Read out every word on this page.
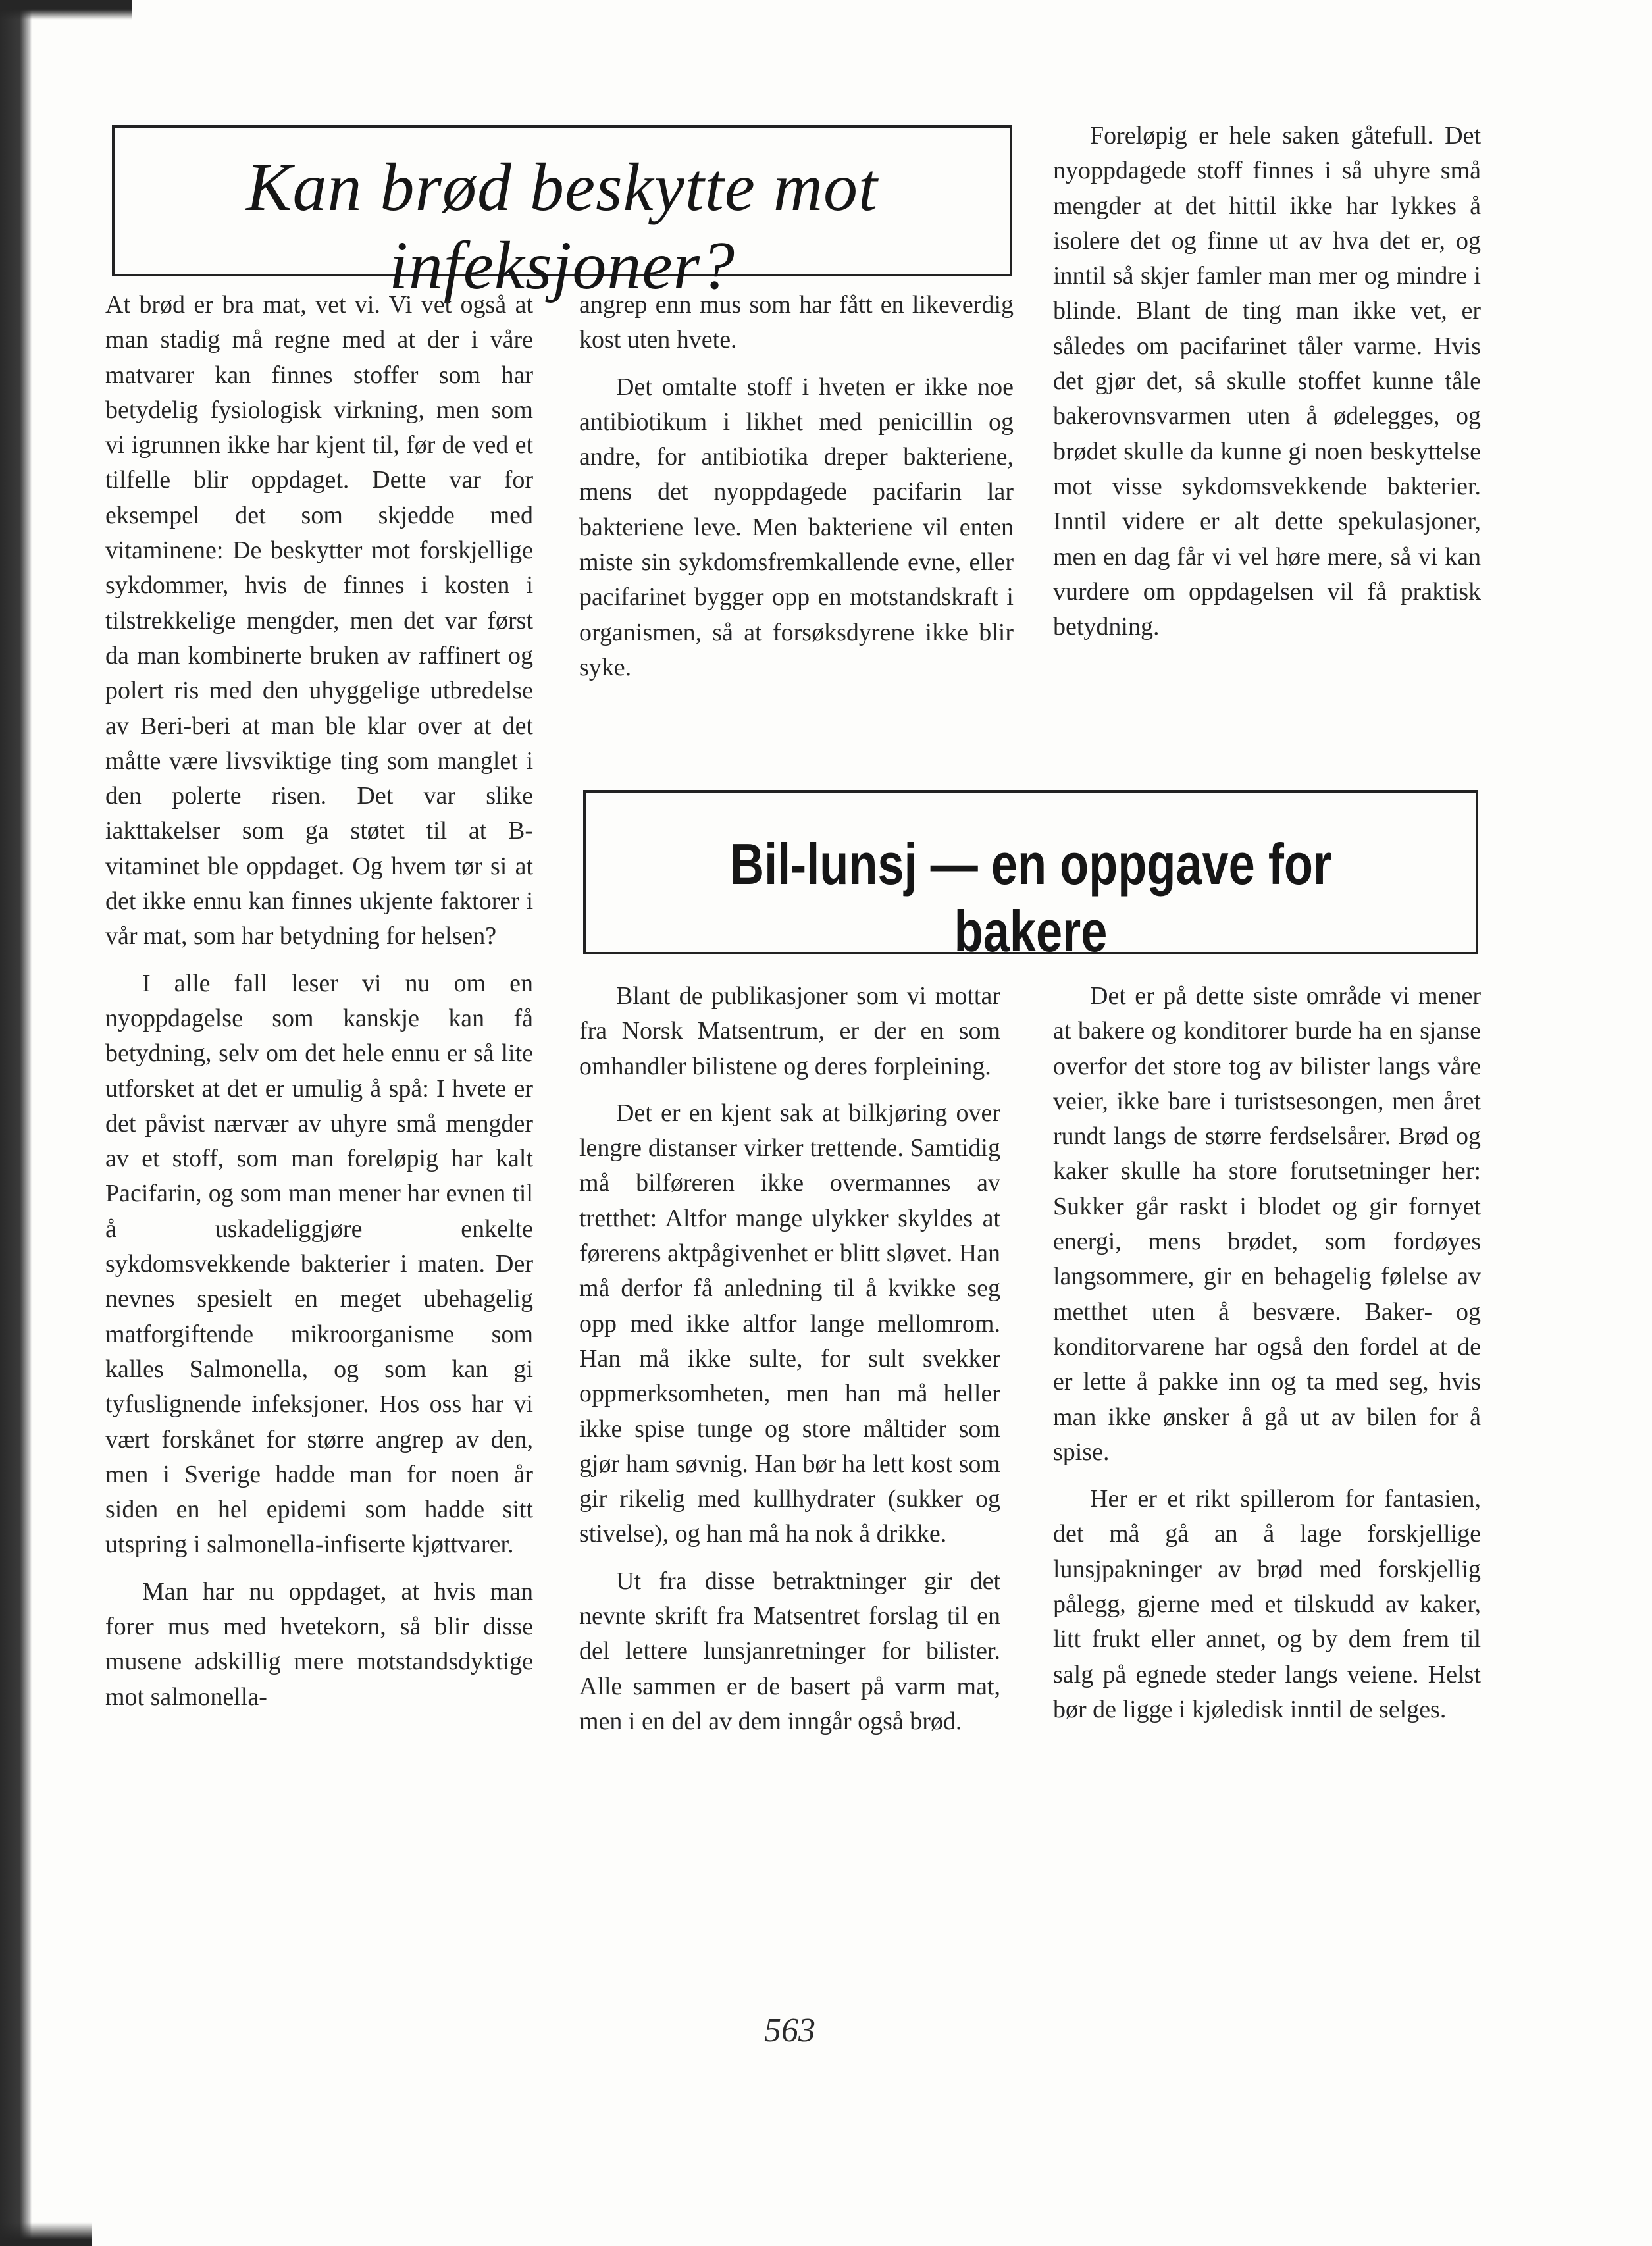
Kan brød beskytte mot infeksjoner?

At brød er bra mat, vet vi. Vi vet også at man stadig må regne med at der i våre matvarer kan finnes stoffer som har betydelig fysiologisk virkning, men som vi igrunnen ikke har kjent til, før de ved et tilfelle blir oppdaget. Dette var for eksempel det som skjedde med vitaminene: De beskytter mot forskjellige sykdommer, hvis de finnes i kosten i tilstrekkelige mengder, men det var først da man kombinerte bruken av raffinert og polert ris med den uhyggelige utbredelse av Beri-beri at man ble klar over at det måtte være livsviktige ting som manglet i den polerte risen. Det var slike iakttakelser som ga støtet til at B-vitaminet ble oppdaget. Og hvem tør si at det ikke ennu kan finnes ukjente faktorer i vår mat, som har betydning for helsen?

I alle fall leser vi nu om en nyoppdagelse som kanskje kan få betydning, selv om det hele ennu er så lite utforsket at det er umulig å spå: I hvete er det påvist nærvær av uhyre små mengder av et stoff, som man foreløpig har kalt Pacifarin, og som man mener har evnen til å uskadeliggjøre enkelte sykdomsvekkende bakterier i maten. Der nevnes spesielt en meget ubehagelig matforgiftende mikroorganisme som kalles Salmonella, og som kan gi tyfuslignende infeksjoner. Hos oss har vi vært forskånet for større angrep av den, men i Sverige hadde man for noen år siden en hel epidemi som hadde sitt utspring i salmonella-infiserte kjøttvarer.

Man har nu oppdaget, at hvis man forer mus med hvetekorn, så blir disse musene adskillig mere motstandsdyktige mot salmonella-

angrep enn mus som har fått en likeverdig kost uten hvete.

Det omtalte stoff i hveten er ikke noe antibiotikum i likhet med penicillin og andre, for antibiotika dreper bakteriene, mens det nyoppdagede pacifarin lar bakteriene leve. Men bakteriene vil enten miste sin sykdomsfremkallende evne, eller pacifarinet bygger opp en motstandskraft i organismen, så at forsøksdyrene ikke blir syke.

Foreløpig er hele saken gåtefull. Det nyoppdagede stoff finnes i så uhyre små mengder at det hittil ikke har lykkes å isolere det og finne ut av hva det er, og inntil så skjer famler man mer og mindre i blinde. Blant de ting man ikke vet, er således om pacifarinet tåler varme. Hvis det gjør det, så skulle stoffet kunne tåle bakerovnsvarmen uten å ødelegges, og brødet skulle da kunne gi noen beskyttelse mot visse sykdomsvekkende bakterier. Inntil videre er alt dette spekulasjoner, men en dag får vi vel høre mere, så vi kan vurdere om oppdagelsen vil få praktisk betydning.

Bil-lunsj — en oppgave for bakere

Blant de publikasjoner som vi mottar fra Norsk Matsentrum, er der en som omhandler bilistene og deres forpleining.

Det er en kjent sak at bilkjøring over lengre distanser virker trettende. Samtidig må bilføreren ikke overmannes av tretthet: Altfor mange ulykker skyldes at førerens aktpågivenhet er blitt sløvet. Han må derfor få anledning til å kvikke seg opp med ikke altfor lange mellomrom. Han må ikke sulte, for sult svekker oppmerksomheten, men han må heller ikke spise tunge og store måltider som gjør ham søvnig. Han bør ha lett kost som gir rikelig med kullhydrater (sukker og stivelse), og han må ha nok å drikke.

Ut fra disse betraktninger gir det nevnte skrift fra Matsentret forslag til en del lettere lunsjanretninger for bilister. Alle sammen er de basert på varm mat, men i en del av dem inngår også brød.

Det er på dette siste område vi mener at bakere og konditorer burde ha en sjanse overfor det store tog av bilister langs våre veier, ikke bare i turistsesongen, men året rundt langs de større ferdselsårer. Brød og kaker skulle ha store forutsetninger her: Sukker går raskt i blodet og gir fornyet energi, mens brødet, som fordøyes langsommere, gir en behagelig følelse av metthet uten å besvære. Baker- og konditorvarene har også den fordel at de er lette å pakke inn og ta med seg, hvis man ikke ønsker å gå ut av bilen for å spise.

Her er et rikt spillerom for fantasien, det må gå an å lage forskjellige lunsjpakninger av brød med forskjellig pålegg, gjerne med et tilskudd av kaker, litt frukt eller annet, og by dem frem til salg på egnede steder langs veiene. Helst bør de ligge i kjøledisk inntil de selges.

563
